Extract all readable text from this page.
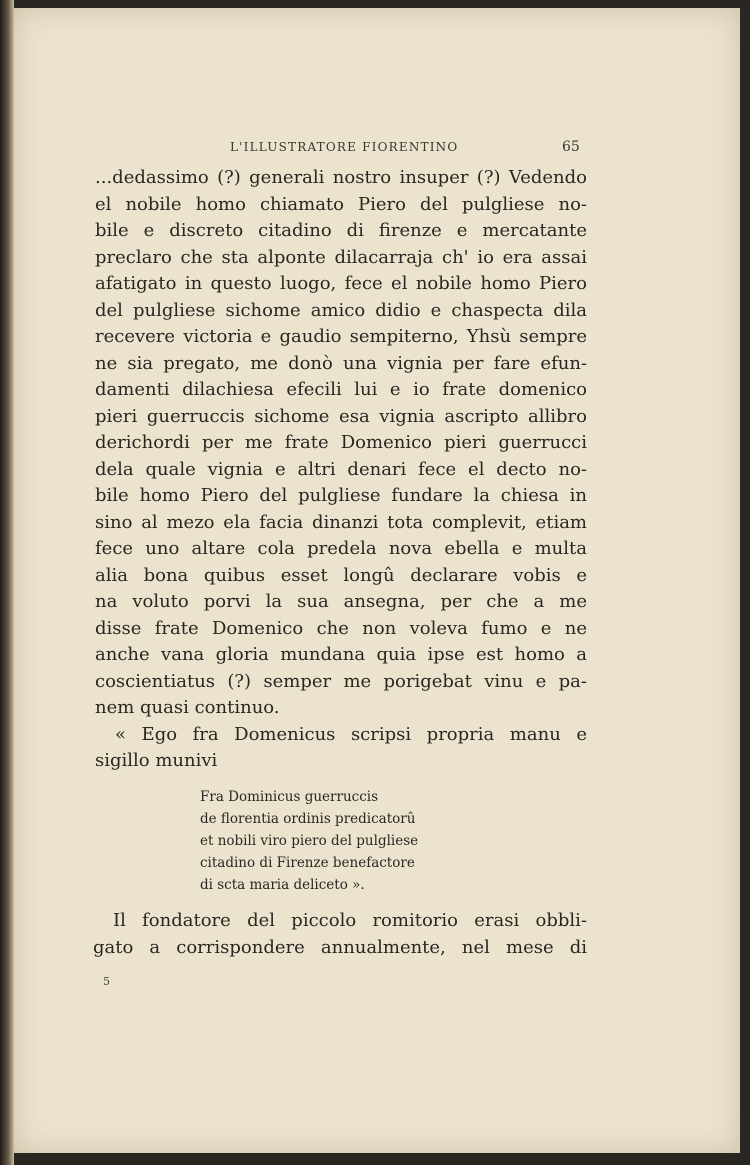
L'ILLUSTRATORE FIORENTINO	65
...dedassimo (?) generali nostro insuper (?) Vedendo
el nobile homo chiamato Piero del pulgliese no-
bile e discreto citadino di firenze e mercatante
preclaro che sta alponte dilacarraja ch' io era assai
afatigato in questo luogo, fece el nobile homo Piero
del pulgliese sichome amico didio e chaspecta dila
recevere victoria e gaudio sempiterno, Yhsù sempre
ne sia pregato, me donò una vignia per fare efun-
damenti dilachiesa efecili lui e io frate domenico
pieri guerruccis sichome esa vignia ascripto allibro
derichordi per me frate Domenico pieri guerrucci
dela quale vignia e altri denari fece el decto no-
bile homo Piero del pulgliese fundare la chiesa in
sino al mezo ela facia dinanzi tota complevit, etiam
fece uno altare cola predela nova ebella e multa
alia bona quibus esset longû declarare vobis e
na voluto porvi la sua ansegna, per che a me
disse frate Domenico che non voleva fumo e ne
anche vana gloria mundana quia ipse est homo a
coscientiatus (?) semper me porigebat vinu e pa-
nem quasi continuo.
« Ego fra Domenicus scripsi propria manu e
sigillo munivi
Fra Dominicus guerruccis
de florentia ordinis predicatorû
et nobili viro piero del pulgliese
citadino di Firenze benefactore
di scta maria deliceto ».
Il fondatore del piccolo romitorio erasi obbli-
gato a corrispondere annualmente, nel mese di
5
